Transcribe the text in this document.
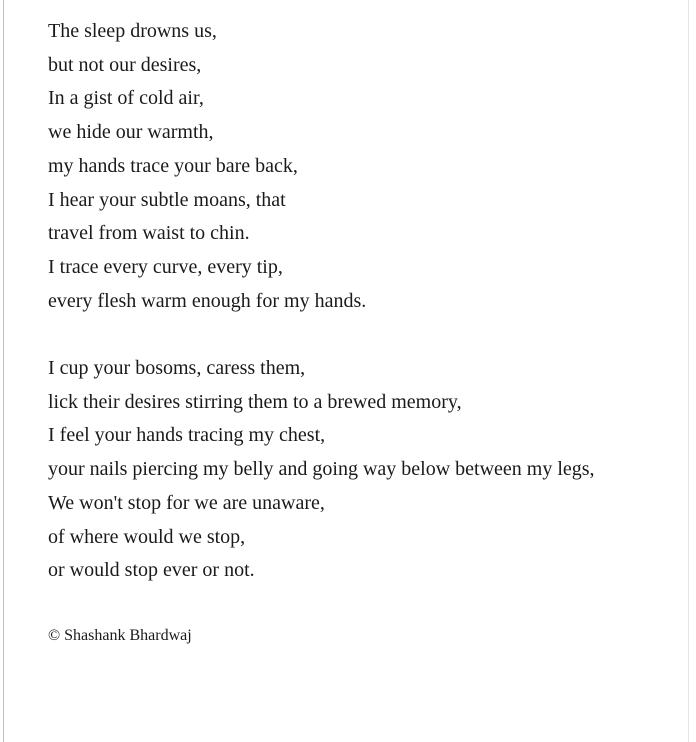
The sleep drowns us,
but not our desires,
In a gist of cold air,
we hide our warmth,
my hands trace your bare back,
I hear your subtle moans, that
travel from waist to chin.
I trace every curve, every tip,
every flesh warm enough for my hands.
I cup your bosoms, caress them,
lick their desires stirring them to a brewed memory,
I feel your hands tracing my chest,
your nails piercing my belly and going way below between my legs,
We won't stop for we are unaware,
of where would we stop,
or would stop ever or not.
© Shashank Bhardwaj
